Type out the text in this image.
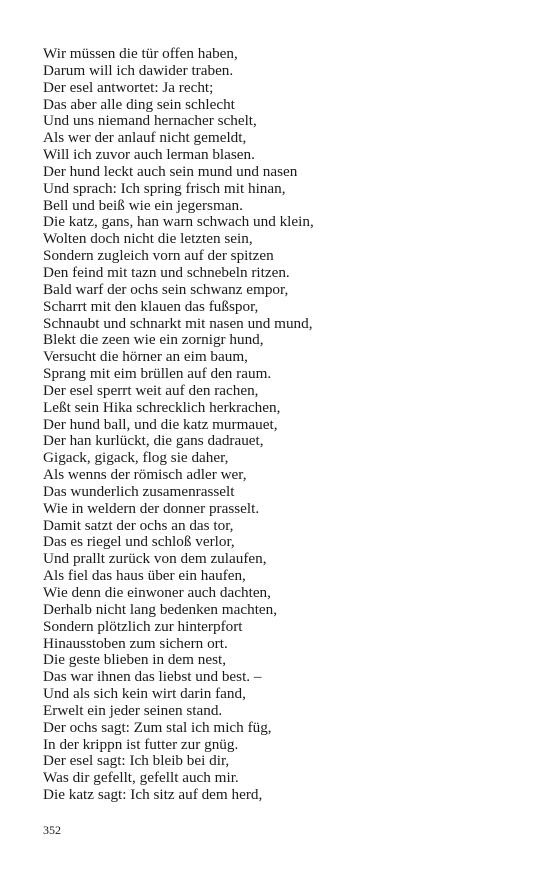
Wir müssen die tür offen haben,
Darum will ich dawider traben.
Der esel antwortet: Ja recht;
Das aber alle ding sein schlecht
Und uns niemand hernacher schelt,
Als wer der anlauf nicht gemeldt,
Will ich zuvor auch lerman blasen.
Der hund leckt auch sein mund und nasen
Und sprach: Ich spring frisch mit hinan,
Bell und beiß wie ein jegersman.
Die katz, gans, han warn schwach und klein,
Wolten doch nicht die letzten sein,
Sondern zugleich vorn auf der spitzen
Den feind mit tazn und schnebeln ritzen.
Bald warf der ochs sein schwanz empor,
Scharrt mit den klauen das fußspor,
Schnaubt und schnarkt mit nasen und mund,
Blekt die zeen wie ein zornigr hund,
Versucht die hörner an eim baum,
Sprang mit eim brüllen auf den raum.
Der esel sperrt weit auf den rachen,
Leßt sein Hika schrecklich herkrachen,
Der hund ball, und die katz murmauet,
Der han kurlückt, die gans dadrauet,
Gigack, gigack, flog sie daher,
Als wenns der römisch adler wer,
Das wunderlich zusamenrasselt
Wie in weldern der donner prasselt.
Damit satzt der ochs an das tor,
Das es riegel und schloß verlor,
Und prallt zurück von dem zulaufen,
Als fiel das haus über ein haufen,
Wie denn die einwoner auch dachten,
Derhalb nicht lang bedenken machten,
Sondern plötzlich zur hinterpfort
Hinausstoben zum sichern ort.
Die geste blieben in dem nest,
Das war ihnen das liebst und best. –
Und als sich kein wirt darin fand,
Erwelt ein jeder seinen stand.
Der ochs sagt: Zum stal ich mich füg,
In der krippn ist futter zur gnüg.
Der esel sagt: Ich bleib bei dir,
Was dir gefellt, gefellt auch mir.
Die katz sagt: Ich sitz auf dem herd,
352
